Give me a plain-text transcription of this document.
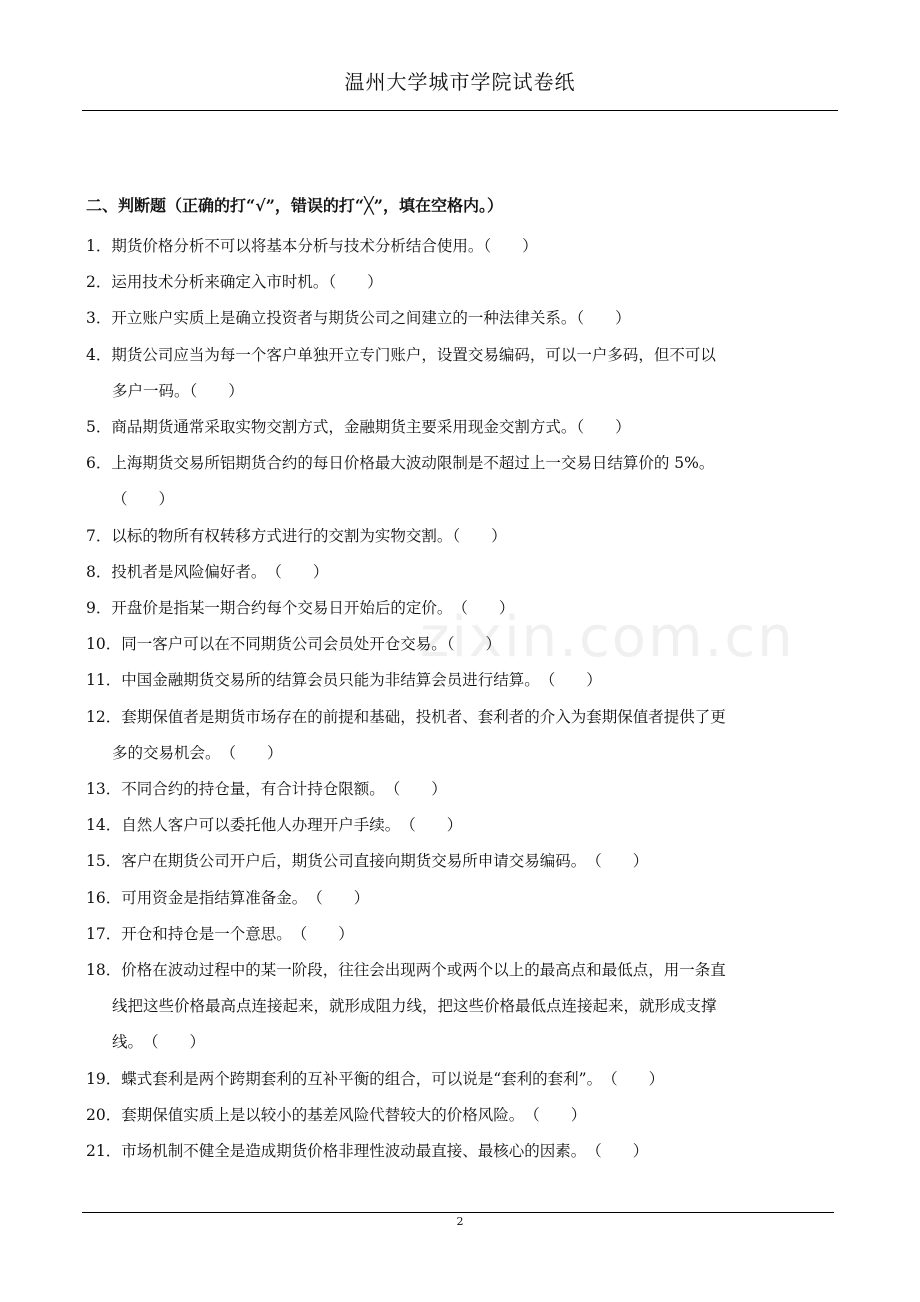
温州大学城市学院试卷纸
zixin.com.cn
二、判断题（正确的打“√”，错误的打“╳”，填在空格内。）
1． 期货价格分析不可以将基本分析与技术分析结合使用。（　　）
2． 运用技术分析来确定入市时机。（　　）
3． 开立账户实质上是确立投资者与期货公司之间建立的一种法律关系。（　　）
4． 期货公司应当为每一个客户单独开立专门账户，设置交易编码，可以一户多码，但不可以
多户一码。（　　）
5． 商品期货通常采取实物交割方式，金融期货主要采用现金交割方式。（　　）
6． 上海期货交易所铝期货合约的每日价格最大波动限制是不超过上一交易日结算价的 5%。
（　　）
7． 以标的物所有权转移方式进行的交割为实物交割。（　　）
8． 投机者是风险偏好者。　（　　）
9． 开盘价是指某一期合约每个交易日开始后的定价。　（　　）
10． 同一客户可以在不同期货公司会员处开仓交易。（　　）
11． 中国金融期货交易所的结算会员只能为非结算会员进行结算。　（　　）
12． 套期保值者是期货市场存在的前提和基础，投机者、套利者的介入为套期保值者提供了更
多的交易机会。　（　　）
13． 不同合约的持仓量，有合计持仓限额。　（　　）
14． 自然人客户可以委托他人办理开户手续。　（　　）
15． 客户在期货公司开户后，期货公司直接向期货交易所申请交易编码。　（　　）
16． 可用资金是指结算准备金。　（　　）
17． 开仓和持仓是一个意思。　（　　）
18． 价格在波动过程中的某一阶段，往往会出现两个或两个以上的最高点和最低点，用一条直
线把这些价格最高点连接起来，就形成阻力线，把这些价格最低点连接起来，就形成支撑
线。　（　　）
19． 蝶式套利是两个跨期套利的互补平衡的组合，可以说是“套利的套利”。　（　　）
20． 套期保值实质上是以较小的基差风险代替较大的价格风险。　（　　）
21． 市场机制不健全是造成期货价格非理性波动最直接、最核心的因素。　（　　）
2
